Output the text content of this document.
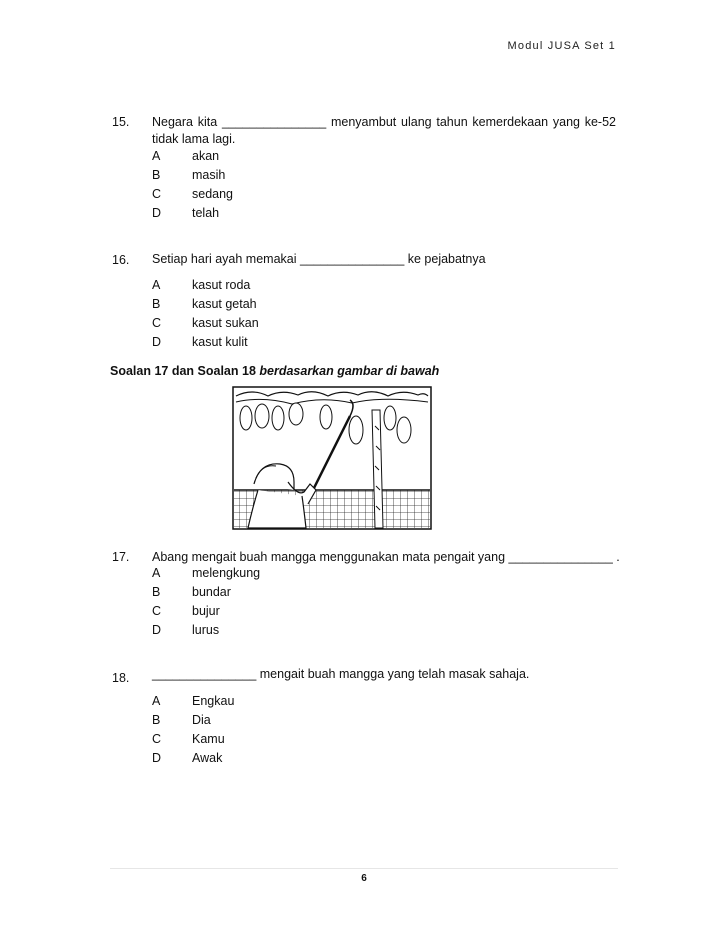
Modul JUSA Set 1
15. Negara kita _______________ menyambut ulang tahun kemerdekaan yang ke-52
tidak lama lagi.
A	akan
B	masih
C sedang
D telah
16. Setiap hari ayah memakai _______________ ke pejabatnya
A	kasut roda
B	kasut getah
C kasut sukan
D kasut kulit
Soalan 17 dan Soalan 18 berdasarkan gambar di bawah
17. Abang mengait buah mangga menggunakan mata pengait yang _______________ .
A	melengkung
B	bundar
C bujur
D lurus
18. _______________ mengait buah mangga yang telah masak sahaja.
A	Engkau
B	Dia
C Kamu
D Awak
6
